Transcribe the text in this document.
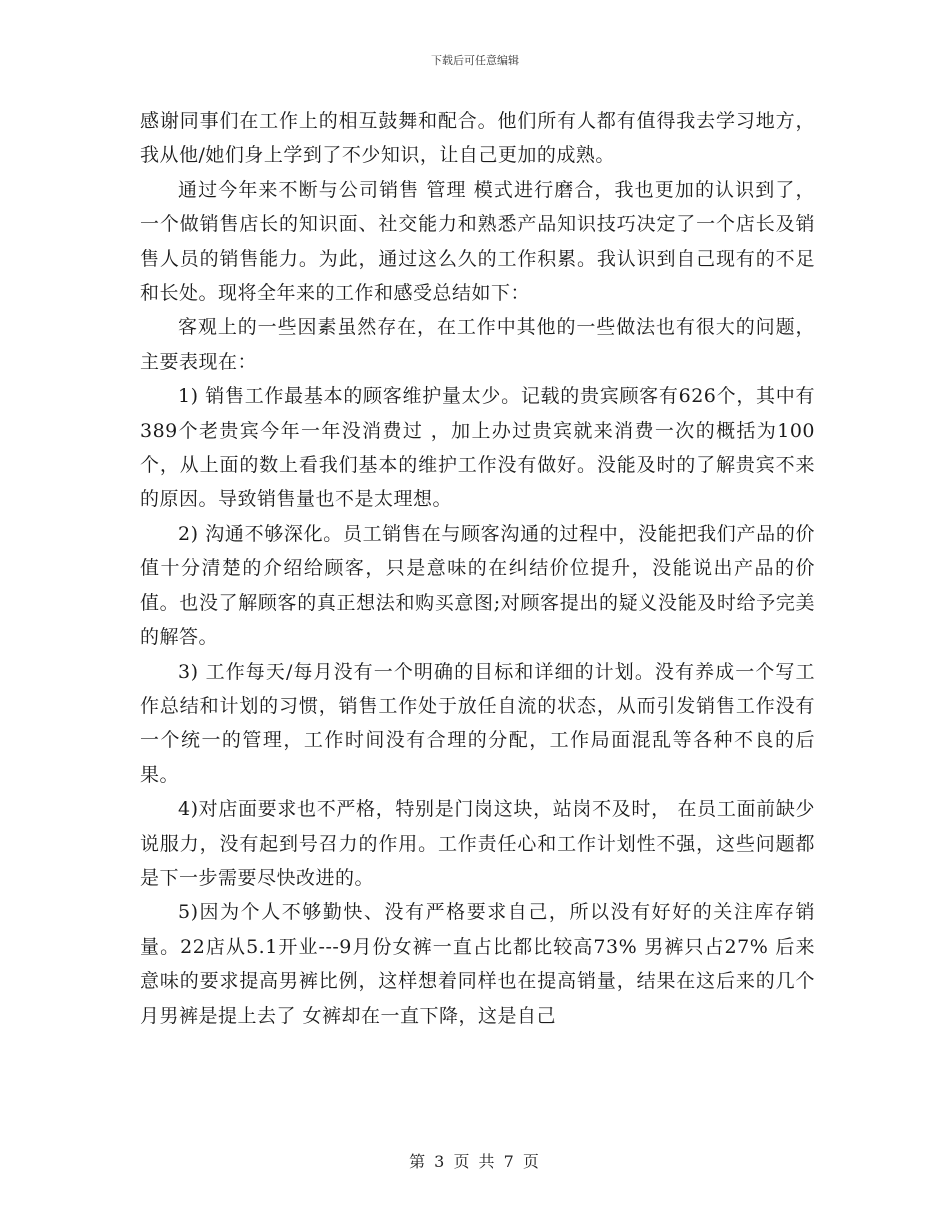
下载后可任意编辑

感谢同事们在工作上的相互鼓舞和配合。他们所有人都有值得我去学习地方，我从他/她们身上学到了不少知识，让自己更加的成熟。

通过今年来不断与公司销售 管理 模式进行磨合，我也更加的认识到了，一个做销售店长的知识面、社交能力和熟悉产品知识技巧决定了一个店长及销售人员的销售能力。为此，通过这么久的工作积累。我认识到自己现有的不足和长处。现将全年来的工作和感受总结如下：

客观上的一些因素虽然存在，在工作中其他的一些做法也有很大的问题，主要表现在：

1) 销售工作最基本的顾客维护量太少。记载的贵宾顾客有626个，其中有389个老贵宾今年一年没消费过 ，加上办过贵宾就来消费一次的概括为100个，从上面的数上看我们基本的维护工作没有做好。没能及时的了解贵宾不来的原因。导致销售量也不是太理想。

2) 沟通不够深化。员工销售在与顾客沟通的过程中，没能把我们产品的价值十分清楚的介绍给顾客，只是意味的在纠结价位提升，没能说出产品的价值。也没了解顾客的真正想法和购买意图;对顾客提出的疑义没能及时给予完美的解答。

3) 工作每天/每月没有一个明确的目标和详细的计划。没有养成一个写工作总结和计划的习惯，销售工作处于放任自流的状态，从而引发销售工作没有一个统一的管理，工作时间没有合理的分配，工作局面混乱等各种不良的后果。

4)对店面要求也不严格，特别是门岗这块，站岗不及时， 在员工面前缺少说服力，没有起到号召力的作用。工作责任心和工作计划性不强，这些问题都是下一步需要尽快改进的。

5)因为个人不够勤快、没有严格要求自己，所以没有好好的关注库存销量。22店从5.1开业---9月份女裤一直占比都比较高73% 男裤只占27% 后来意味的要求提高男裤比例，这样想着同样也在提高销量，结果在这后来的几个月男裤是提上去了 女裤却在一直下降，这是自己

第 3 页 共 7 页
